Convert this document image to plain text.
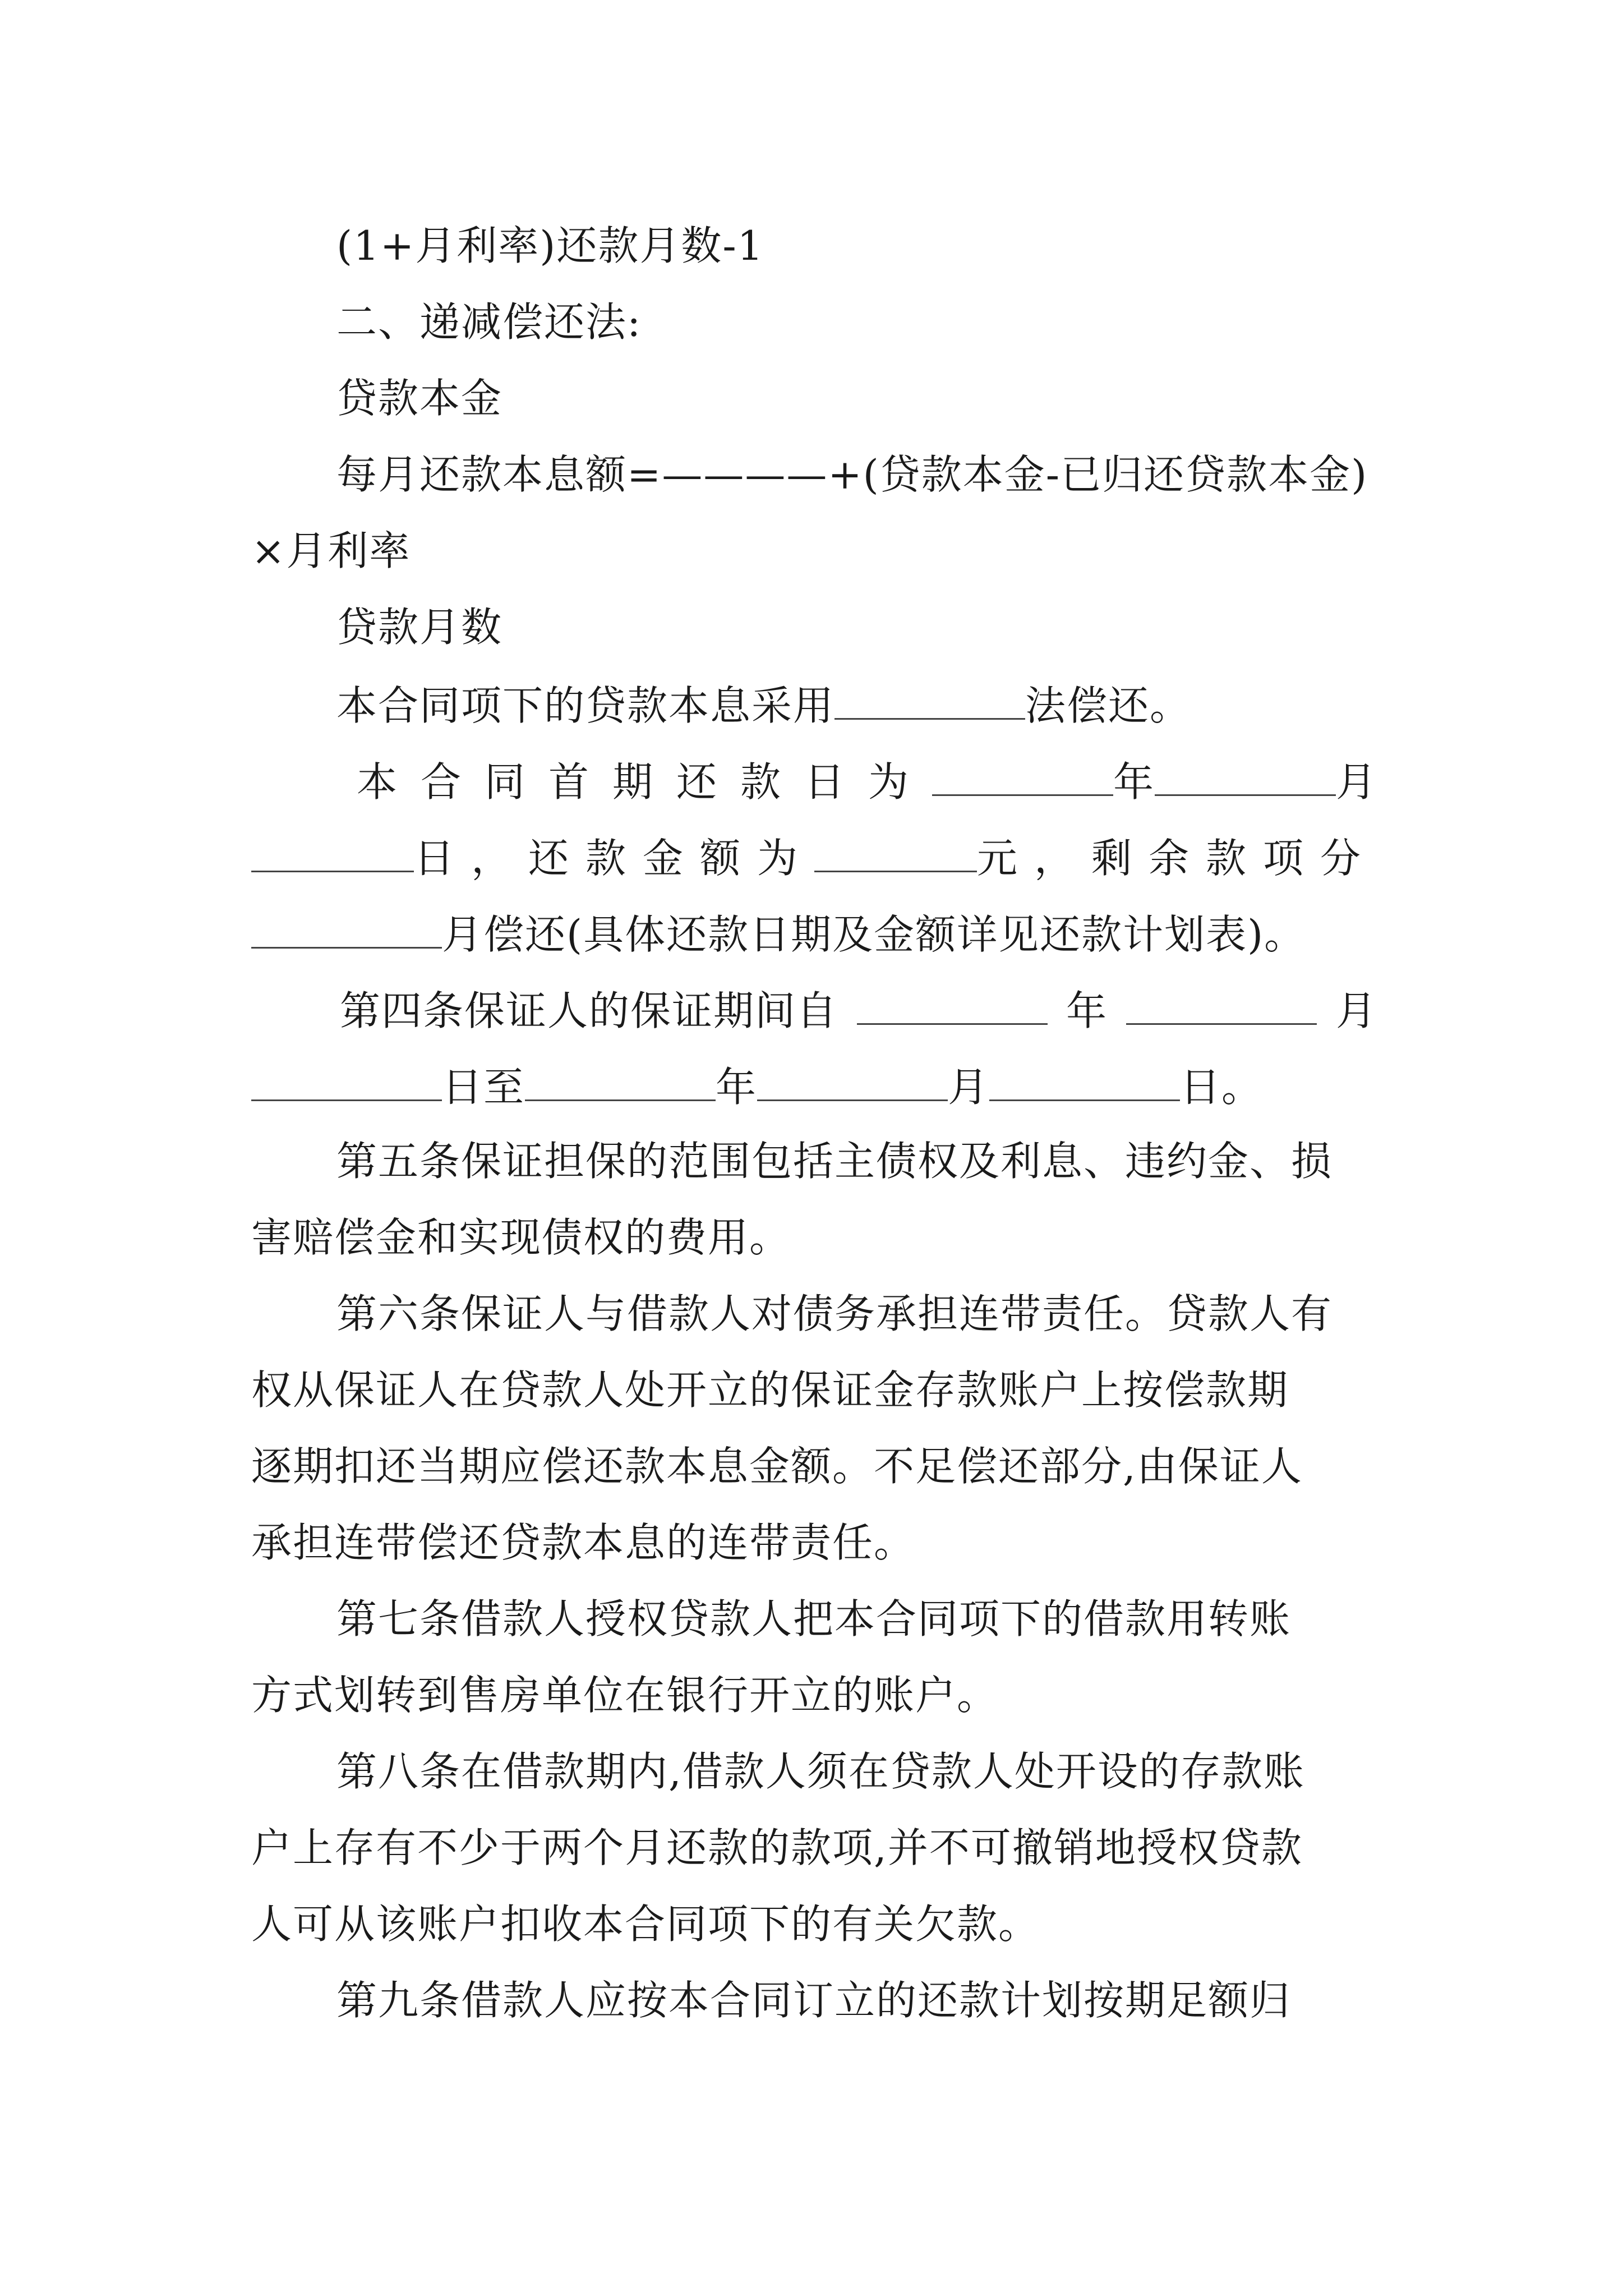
(1+月利率)还款月数-1
二、递减偿还法:
贷款本金
每月还款本息额=————+(贷款本金-已归还贷款本金)
×月利率
贷款月数
本合同项下的贷款本息采用	法偿还。
本合同首期还款日为	年	月
日，还款金额为	元，剩余款项分
月偿还(具体还款日期及金额详见还款计划表)。
第四条保证人的保证期间自	年	月
日至	年	月	日。
第五条保证担保的范围包括主债权及利息、违约金、损
害赔偿金和实现债权的费用。
第六条保证人与借款人对债务承担连带责任。贷款人有
权从保证人在贷款人处开立的保证金存款账户上按偿款期
逐期扣还当期应偿还款本息金额。不足偿还部分,由保证人
承担连带偿还贷款本息的连带责任。
第七条借款人授权贷款人把本合同项下的借款用转账
方式划转到售房单位在银行开立的账户。
第八条在借款期内,借款人须在贷款人处开设的存款账
户上存有不少于两个月还款的款项,并不可撤销地授权贷款
人可从该账户扣收本合同项下的有关欠款。
第九条借款人应按本合同订立的还款计划按期足额归
